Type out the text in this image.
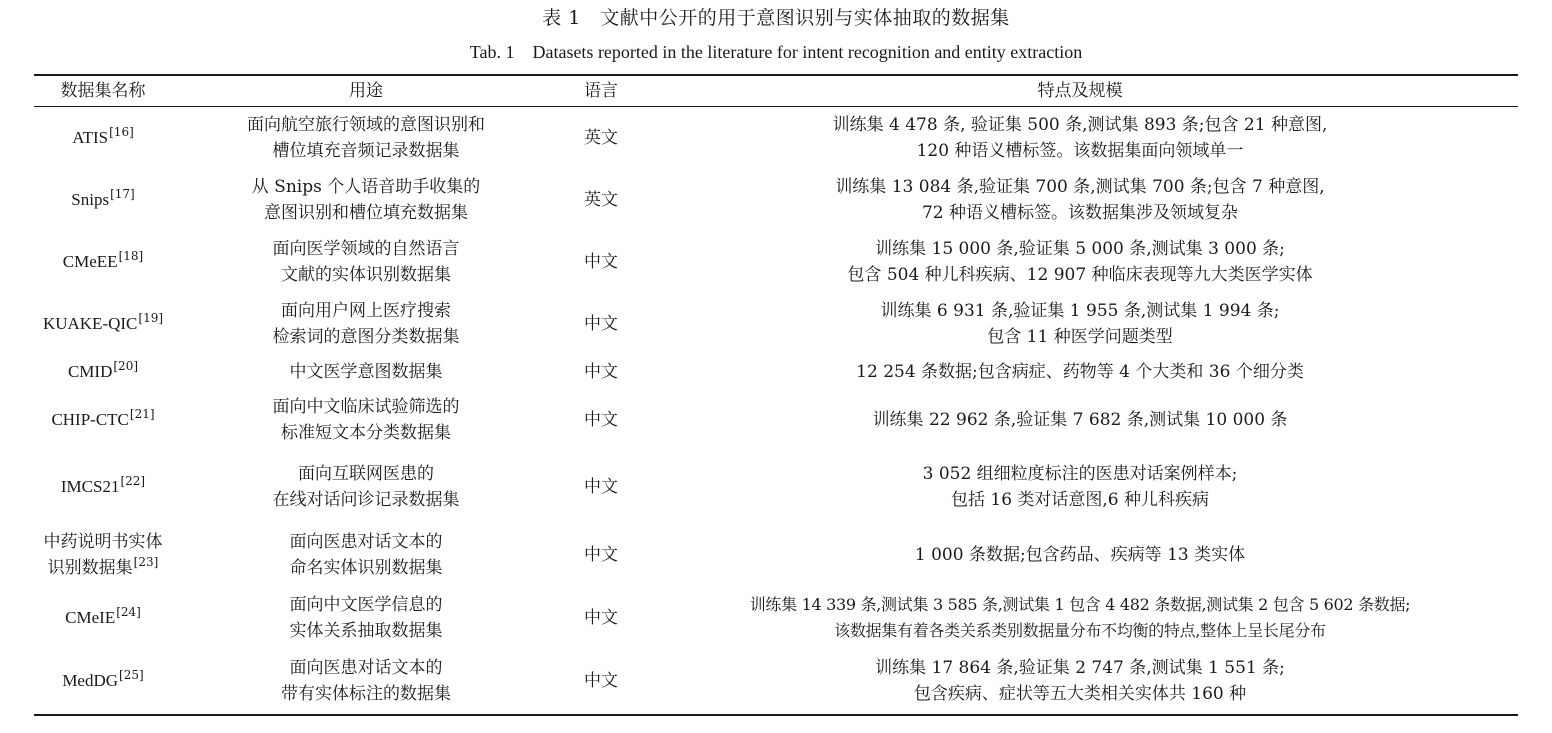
表 1　文献中公开的用于意图识别与实体抽取的数据集
Tab. 1　Datasets reported in the literature for intent recognition and entity extraction
数据集名称	用途	语言	特点及规模
ATIS[16]	面向航空旅行领域的意图识别和
槽位填充音频记录数据集	英文	训练集 4 478 条, 验证集 500 条,测试集 893 条;包含 21 种意图,
120 种语义槽标签。该数据集面向领域单一

Snips[17]	从 Snips 个人语音助手收集的
意图识别和槽位填充数据集	英文	训练集 13 084 条,验证集 700 条,测试集 700 条;包含 7 种意图,
72 种语义槽标签。该数据集涉及领域复杂

CMeEE[18]	面向医学领域的自然语言
文献的实体识别数据集	中文	训练集 15 000 条,验证集 5 000 条,测试集 3 000 条;
包含 504 种儿科疾病、12 907 种临床表现等九大类医学实体

KUAKE-QIC[19]	面向用户网上医疗搜索
检索词的意图分类数据集	中文	训练集 6 931 条,验证集 1 955 条,测试集 1 994 条;
包含 11 种医学问题类型

CMID[20]	中文医学意图数据集	中文	12 254 条数据;包含病症、药物等 4 个大类和 36 个细分类

CHIP-CTC[21]	面向中文临床试验筛选的
标准短文本分类数据集	中文	训练集 22 962 条,验证集 7 682 条,测试集 10 000 条

IMCS21[22]	面向互联网医患的
在线对话问诊记录数据集	中文	3 052 组细粒度标注的医患对话案例样本;
包括 16 类对话意图,6 种儿科疾病

中药说明书实体
识别数据集[23]	面向医患对话文本的
命名实体识别数据集	中文	1 000 条数据;包含药品、疾病等 13 类实体

CMeIE[24]	面向中文医学信息的
实体关系抽取数据集	中文	训练集 14 339 条,测试集 3 585 条,测试集 1 包含 4 482 条数据,测试集 2 包含 5 602 条数据;
该数据集有着各类关系类别数据量分布不均衡的特点,整体上呈长尾分布

MedDG[25]	面向医患对话文本的
带有实体标注的数据集	中文	训练集 17 864 条,验证集 2 747 条,测试集 1 551 条;
包含疾病、症状等五大类相关实体共 160 种
